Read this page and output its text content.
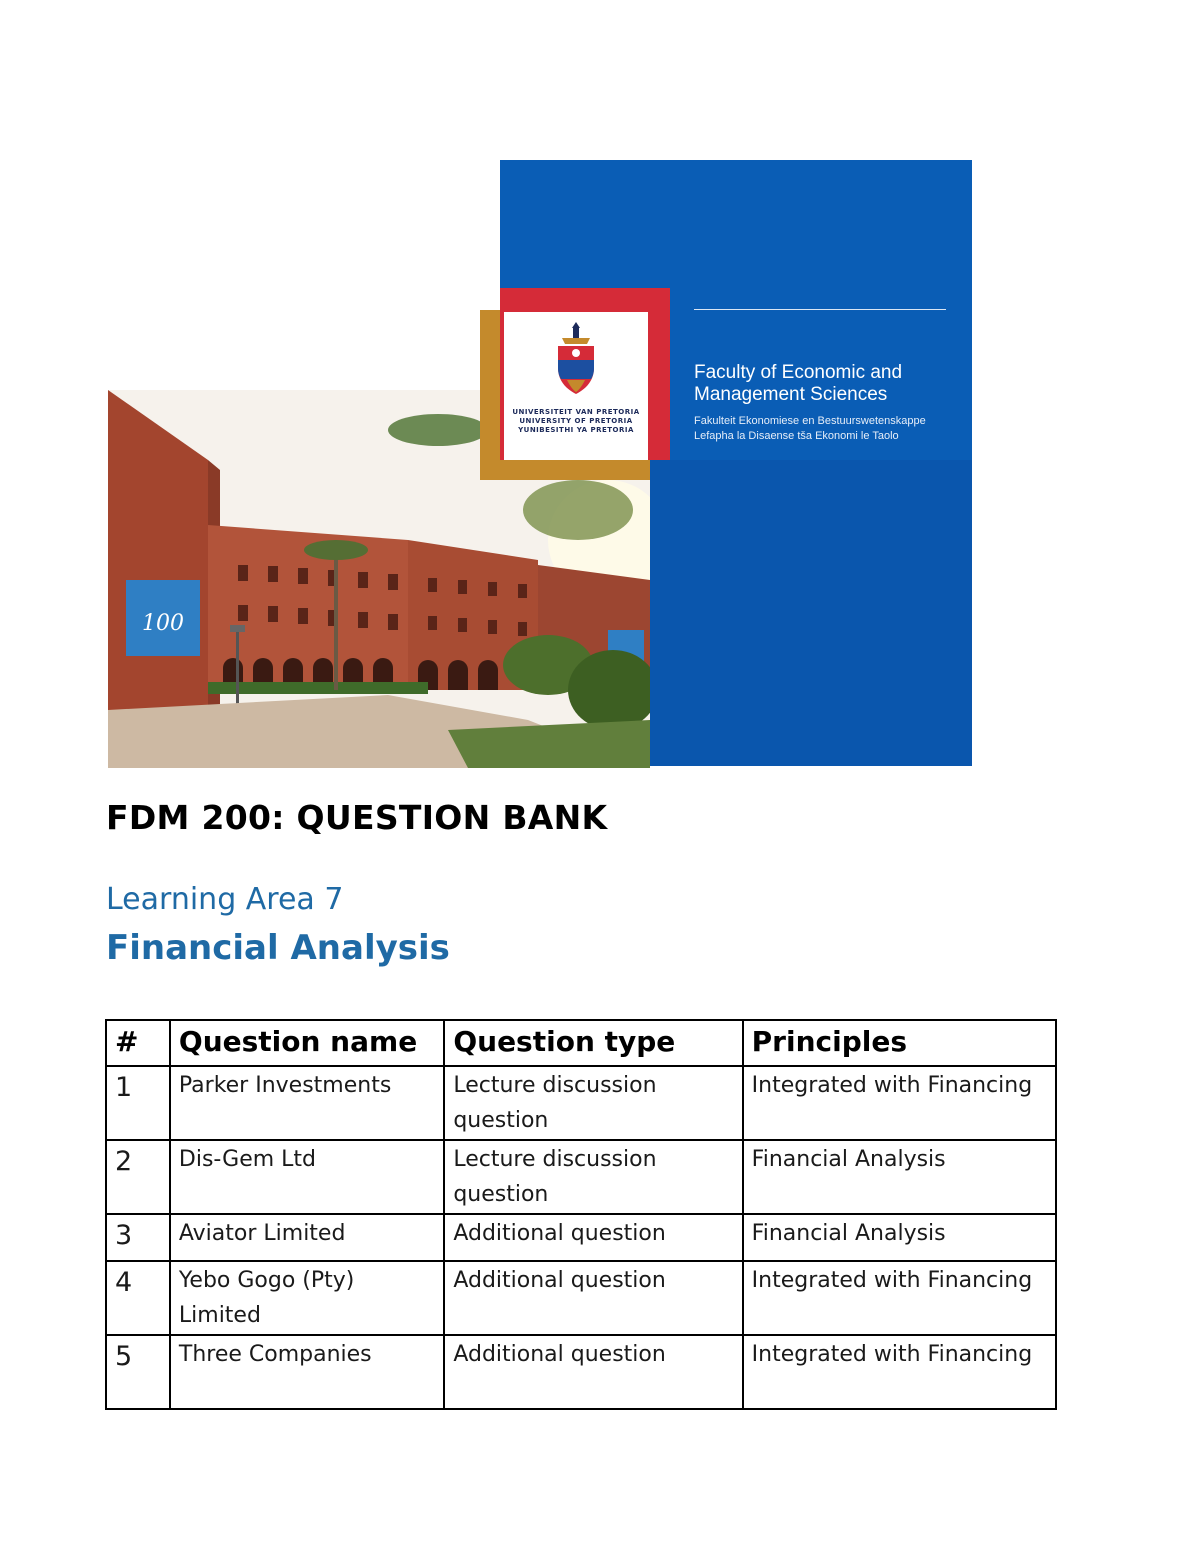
100
UNIVERSITEIT VAN PRETORIA
UNIVERSITY OF PRETORIA
YUNIBESITHI YA PRETORIA
Faculty of Economic and Management Sciences
Fakulteit Ekonomiese en Bestuurswetenskappe
Lefapha la Disaense tša Ekonomi le Taolo
FDM 200: QUESTION BANK
Learning Area 7
Financial Analysis
#	Question name	Question type	Principles
1	Parker Investments	Lecture discussion question	Integrated with Financing
2	Dis-Gem Ltd	Lecture discussion question	Financial Analysis
3	Aviator Limited	Additional question	Financial Analysis
4	Yebo Gogo (Pty) Limited	Additional question	Integrated with Financing
5	Three Companies	Additional question	Integrated with Financing
